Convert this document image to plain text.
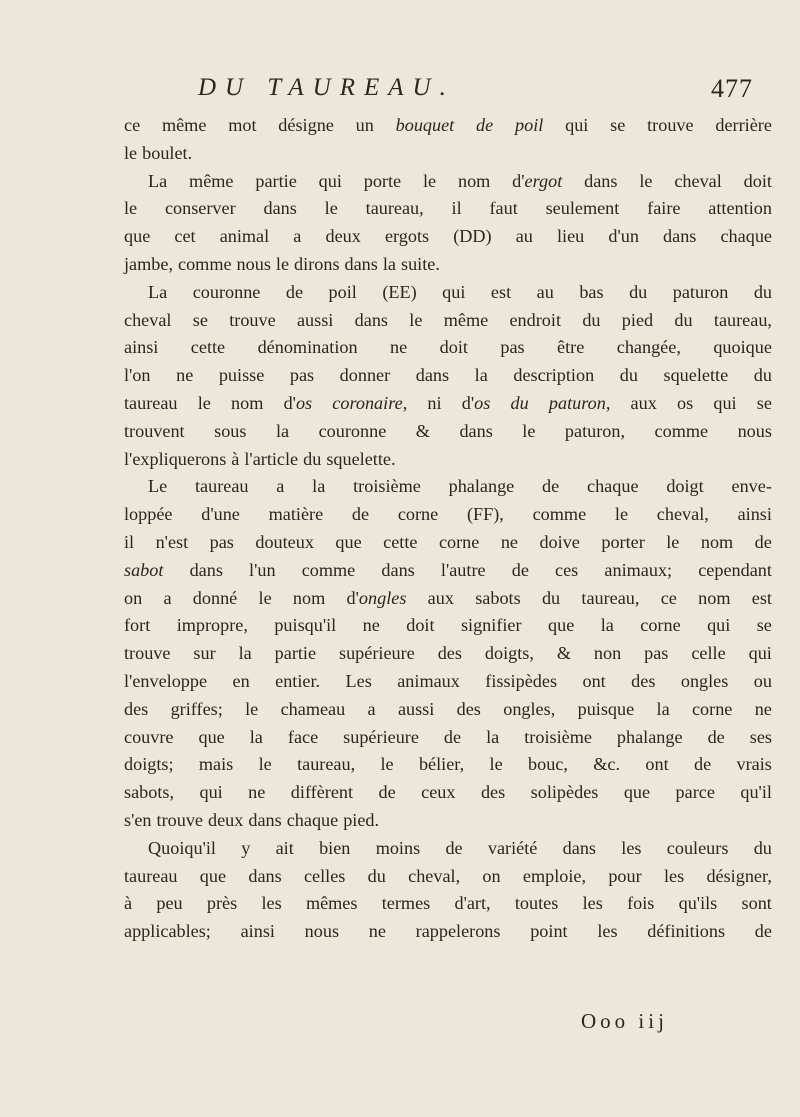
DU TAUREAU.	477
ce même mot désigne un bouquet de poil qui se trouve derrière
le boulet.
La même partie qui porte le nom d'ergot dans le cheval doit
le conserver dans le taureau, il faut seulement faire attention
que cet animal a deux ergots (DD) au lieu d'un dans chaque
jambe, comme nous le dirons dans la suite.
La couronne de poil (EE) qui est au bas du paturon du
cheval se trouve aussi dans le même endroit du pied du taureau,
ainsi cette dénomination ne doit pas être changée, quoique
l'on ne puisse pas donner dans la description du squelette du
taureau le nom d'os coronaire, ni d'os du paturon, aux os qui se
trouvent sous la couronne & dans le paturon, comme nous
l'expliquerons à l'article du squelette.
Le taureau a la troisième phalange de chaque doigt enve-
loppée d'une matière de corne (FF), comme le cheval, ainsi
il n'est pas douteux que cette corne ne doive porter le nom de
sabot dans l'un comme dans l'autre de ces animaux; cependant
on a donné le nom d'ongles aux sabots du taureau, ce nom est
fort impropre, puisqu'il ne doit signifier que la corne qui se
trouve sur la partie supérieure des doigts, & non pas celle qui
l'enveloppe en entier. Les animaux fissipèdes ont des ongles ou
des griffes; le chameau a aussi des ongles, puisque la corne ne
couvre que la face supérieure de la troisième phalange de ses
doigts; mais le taureau, le bélier, le bouc, &c. ont de vrais
sabots, qui ne diffèrent de ceux des solipèdes que parce qu'il
s'en trouve deux dans chaque pied.
Quoiqu'il y ait bien moins de variété dans les couleurs du
taureau que dans celles du cheval, on emploie, pour les désigner,
à peu près les mêmes termes d'art, toutes les fois qu'ils sont
applicables; ainsi nous ne rappelerons point les définitions de
Ooo iij
